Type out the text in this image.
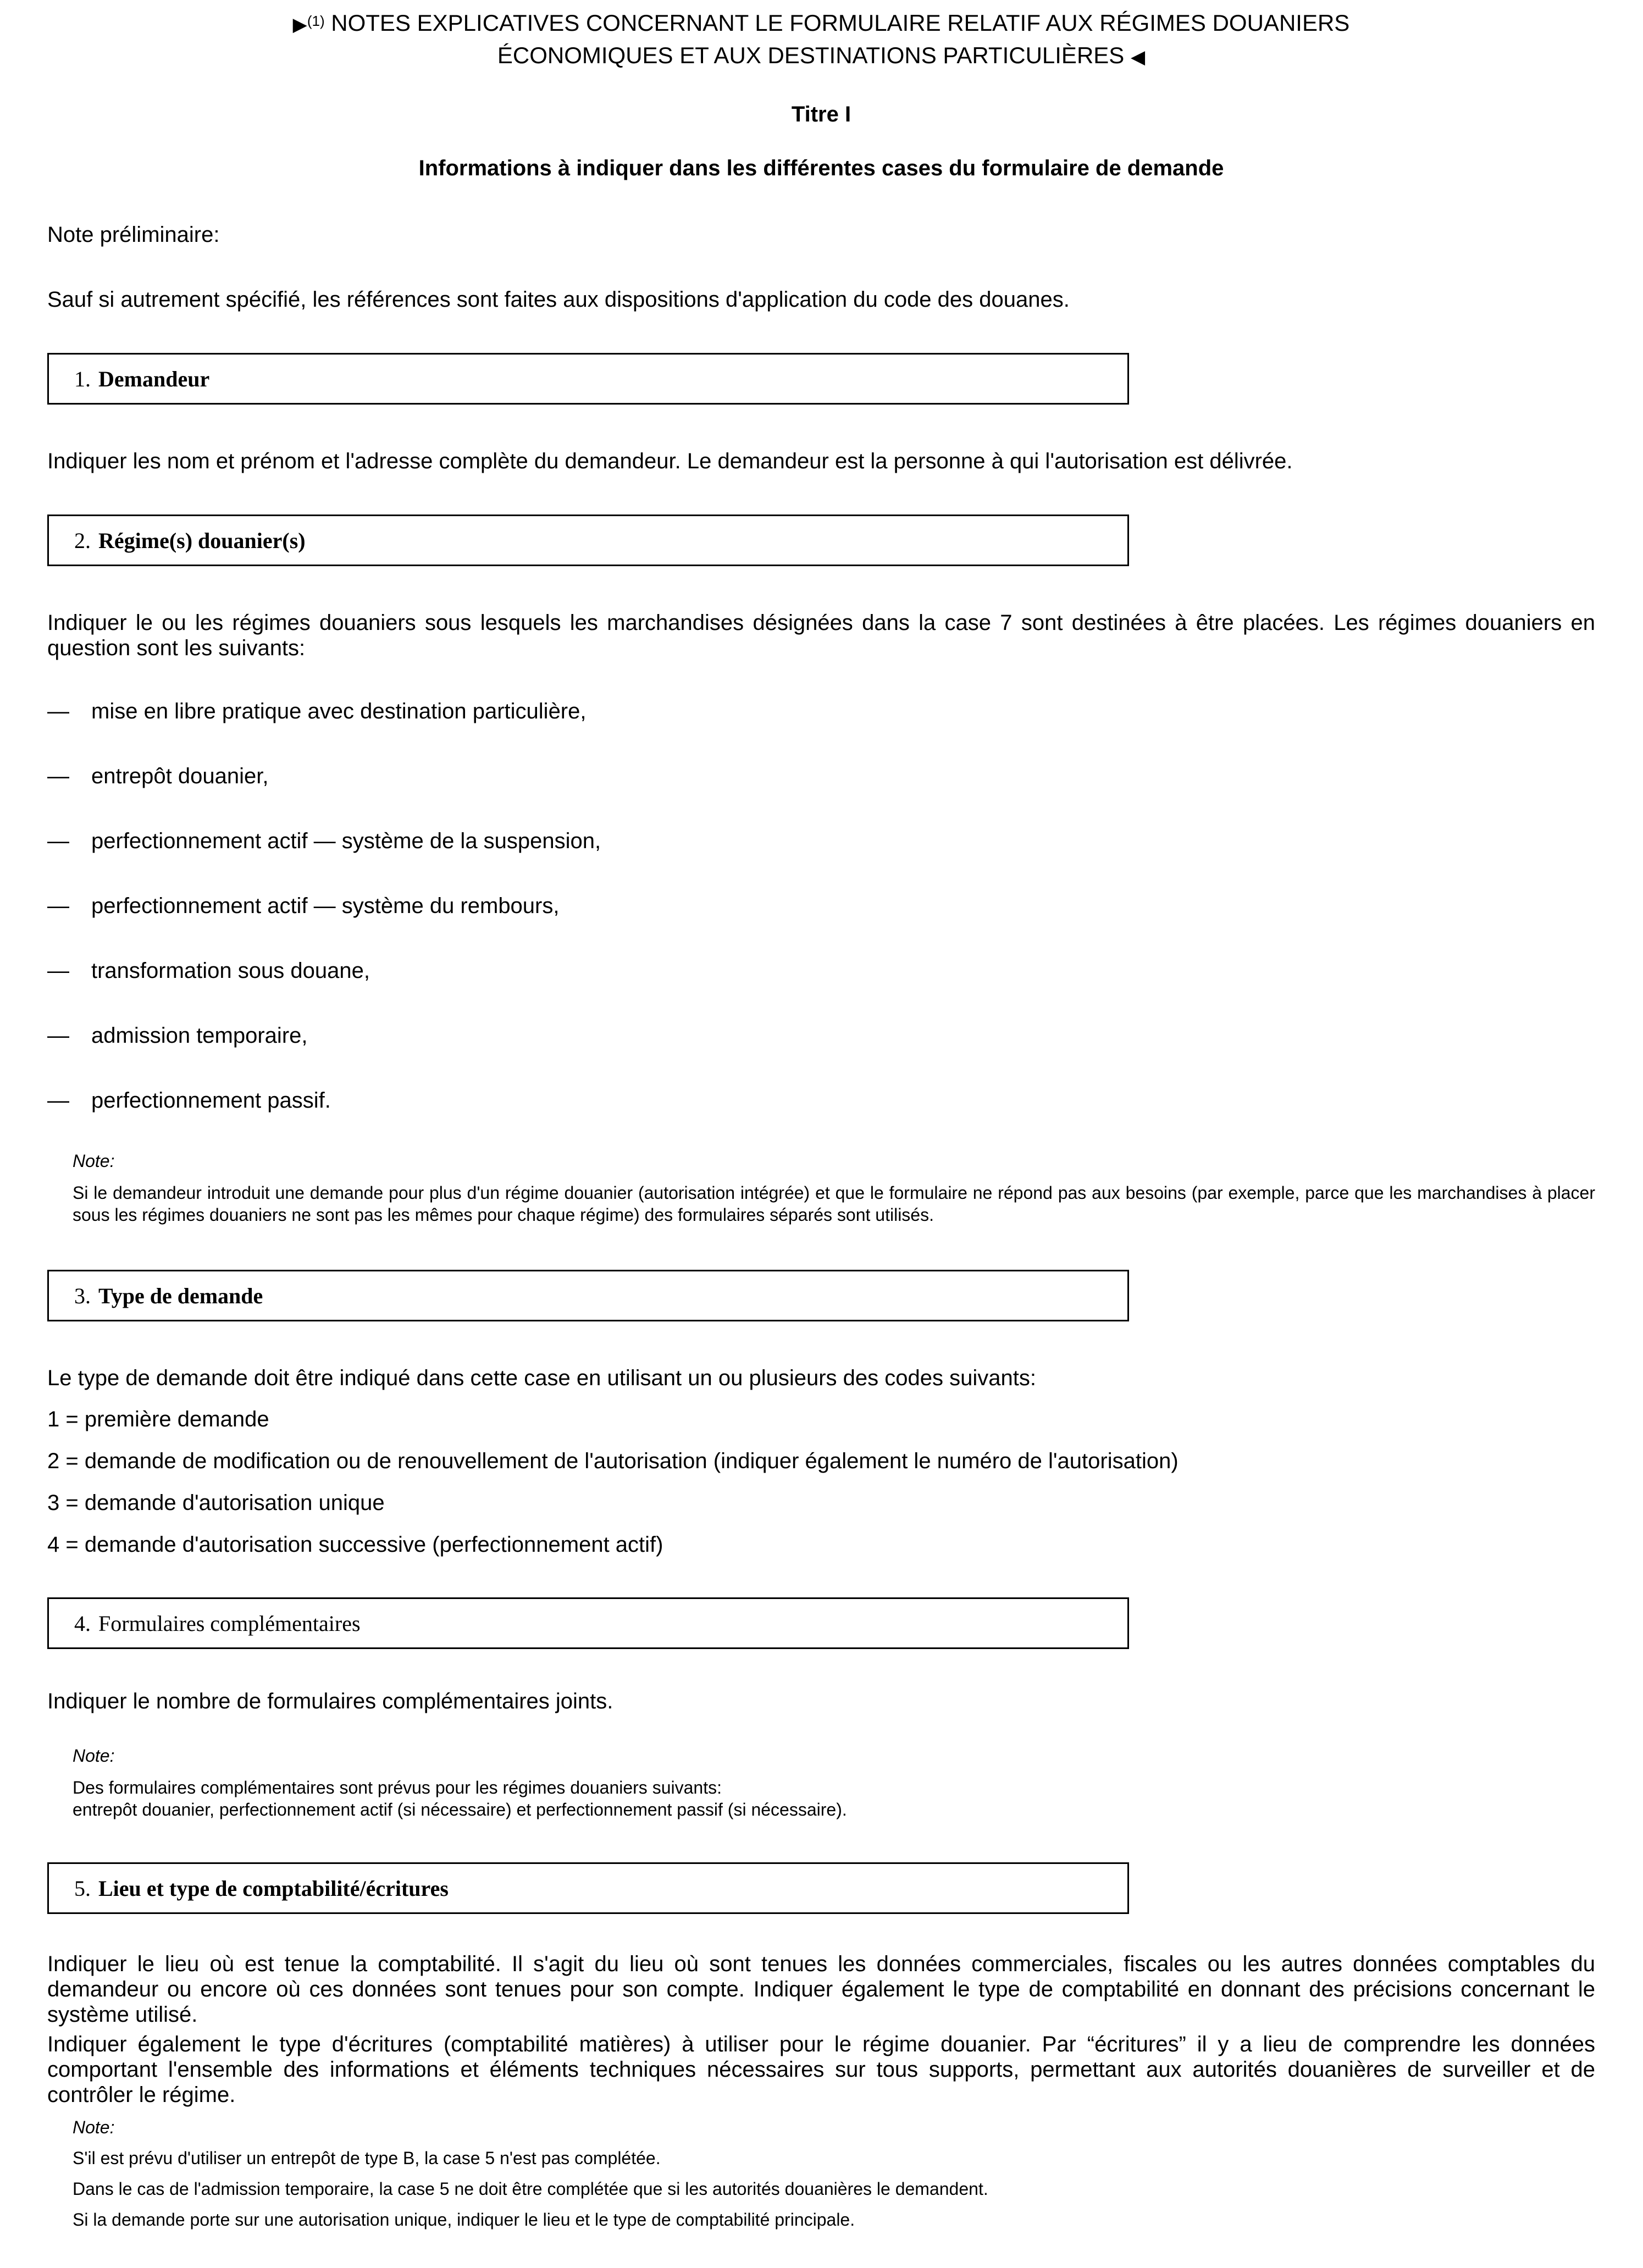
▶$^{(1)}$ NOTES EXPLICATIVES CONCERNANT LE FORMULAIRE RELATIF AUX RÉGIMES DOUANIERS
ÉCONOMIQUES ET AUX DESTINATIONS PARTICULIÈRES ◀
Titre I
Informations à indiquer dans les différentes cases du formulaire de demande
Note préliminaire:
Sauf si autrement spécifié, les références sont faites aux dispositions d'application du code des douanes.
1. Demandeur
Indiquer les nom et prénom et l'adresse complète du demandeur. Le demandeur est la personne à qui l'autorisation est délivrée.
2. Régime(s) douanier(s)
Indiquer le ou les régimes douaniers sous lesquels les marchandises désignées dans la case 7 sont destinées à être placées. Les régimes douaniers en question sont les suivants:
— mise en libre pratique avec destination particulière,
— entrepôt douanier,
— perfectionnement actif — système de la suspension,
— perfectionnement actif — système du rembours,
— transformation sous douane,
— admission temporaire,
— perfectionnement passif.
Note:
Si le demandeur introduit une demande pour plus d'un régime douanier (autorisation intégrée) et que le formulaire ne répond pas aux besoins (par exemple, parce que les marchandises à placer sous les régimes douaniers ne sont pas les mêmes pour chaque régime) des formulaires séparés sont utilisés.
3. Type de demande
Le type de demande doit être indiqué dans cette case en utilisant un ou plusieurs des codes suivants:
1 = première demande
2 = demande de modification ou de renouvellement de l'autorisation (indiquer également le numéro de l'autorisation)
3 = demande d'autorisation unique
4 = demande d'autorisation successive (perfectionnement actif)
4. Formulaires complémentaires
Indiquer le nombre de formulaires complémentaires joints.
Note:
Des formulaires complémentaires sont prévus pour les régimes douaniers suivants:
entrepôt douanier, perfectionnement actif (si nécessaire) et perfectionnement passif (si nécessaire).
5. Lieu et type de comptabilité/écritures
Indiquer le lieu où est tenue la comptabilité. Il s'agit du lieu où sont tenues les données commerciales, fiscales ou les autres données comptables du demandeur ou encore où ces données sont tenues pour son compte. Indiquer également le type de comptabilité en donnant des précisions concernant le système utilisé.
Indiquer également le type d'écritures (comptabilité matières) à utiliser pour le régime douanier. Par “écritures” il y a lieu de comprendre les données comportant l'ensemble des informations et éléments techniques nécessaires sur tous supports, permettant aux autorités douanières de surveiller et de contrôler le régime.
Note:
S'il est prévu d'utiliser un entrepôt de type B, la case 5 n'est pas complétée.
Dans le cas de l'admission temporaire, la case 5 ne doit être complétée que si les autorités douanières le demandent.
Si la demande porte sur une autorisation unique, indiquer le lieu et le type de comptabilité principale.
